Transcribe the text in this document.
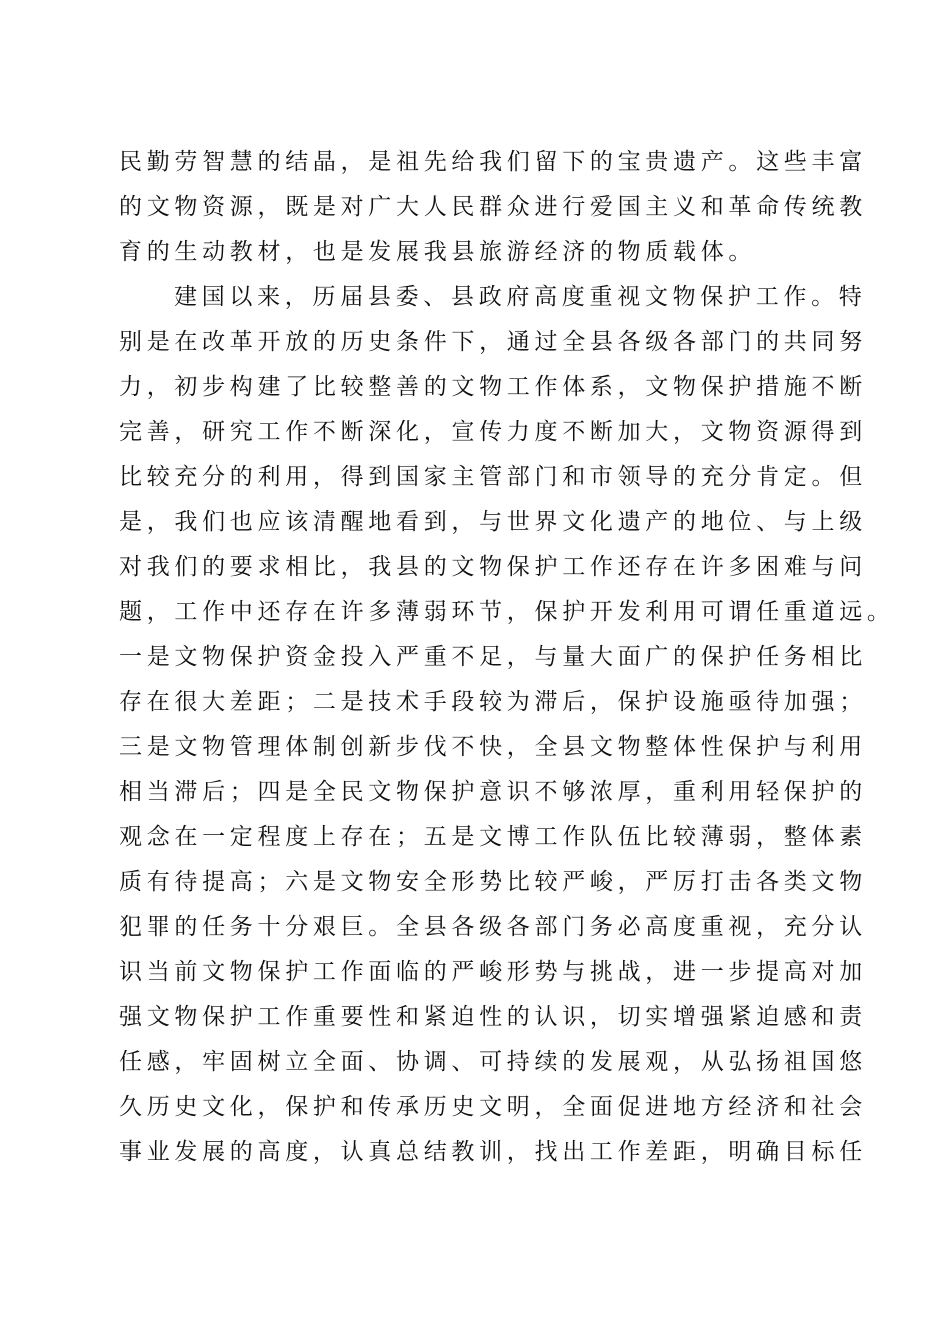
民勤劳智慧的结晶，是祖先给我们留下的宝贵遗产。这些丰富
的文物资源，既是对广大人民群众进行爱国主义和革命传统教
育的生动教材，也是发展我县旅游经济的物质载体。
建国以来，历届县委、县政府高度重视文物保护工作。特
别是在改革开放的历史条件下，通过全县各级各部门的共同努
力，初步构建了比较整善的文物工作体系，文物保护措施不断
完善，研究工作不断深化，宣传力度不断加大，文物资源得到
比较充分的利用，得到国家主管部门和市领导的充分肯定。但
是，我们也应该清醒地看到，与世界文化遗产的地位、与上级
对我们的要求相比，我县的文物保护工作还存在许多困难与问
题，工作中还存在许多薄弱环节，保护开发利用可谓任重道远。
一是文物保护资金投入严重不足，与量大面广的保护任务相比
存在很大差距；二是技术手段较为滞后，保护设施亟待加强；
三是文物管理体制创新步伐不快，全县文物整体性保护与利用
相当滞后；四是全民文物保护意识不够浓厚，重利用轻保护的
观念在一定程度上存在；五是文博工作队伍比较薄弱，整体素
质有待提高；六是文物安全形势比较严峻，严厉打击各类文物
犯罪的任务十分艰巨。全县各级各部门务必高度重视，充分认
识当前文物保护工作面临的严峻形势与挑战，进一步提高对加
强文物保护工作重要性和紧迫性的认识，切实增强紧迫感和责
任感，牢固树立全面、协调、可持续的发展观，从弘扬祖国悠
久历史文化，保护和传承历史文明，全面促进地方经济和社会
事业发展的高度，认真总结教训，找出工作差距，明确目标任
